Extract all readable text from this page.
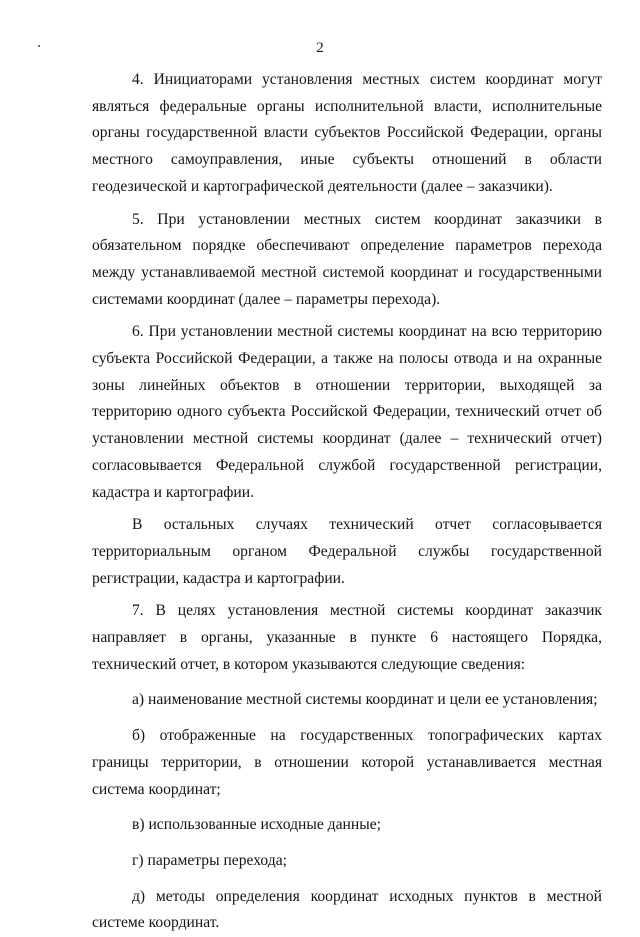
2

4. Инициаторами установления местных систем координат могут являться федеральные органы исполнительной власти, исполнительные органы государственной власти субъектов Российской Федерации, органы местного самоуправления, иные субъекты отношений в области геодезической и картографической деятельности (далее – заказчики).

5. При установлении местных систем координат заказчики в обязательном порядке обеспечивают определение параметров перехода между устанавливаемой местной системой координат и государственными системами координат (далее – параметры перехода).

6. При установлении местной системы координат на всю территорию субъекта Российской Федерации, а также на полосы отвода и на охранные зоны линейных объектов в отношении территории, выходящей за территорию одного субъекта Российской Федерации, технический отчет об установлении местной системы координат (далее – технический отчет) согласовывается Федеральной службой государственной регистрации, кадастра и картографии.

В остальных случаях технический отчет согласовывается территориальным органом Федеральной службы государственной регистрации, кадастра и картографии.

7. В целях установления местной системы координат заказчик направляет в органы, указанные в пункте 6 настоящего Порядка, технический отчет, в котором указываются следующие сведения:

а) наименование местной системы координат и цели ее установления;

б) отображенные на государственных топографических картах границы территории, в отношении которой устанавливается местная система координат;

в) использованные исходные данные;

г) параметры перехода;

д) методы определения координат исходных пунктов в местной системе координат.
